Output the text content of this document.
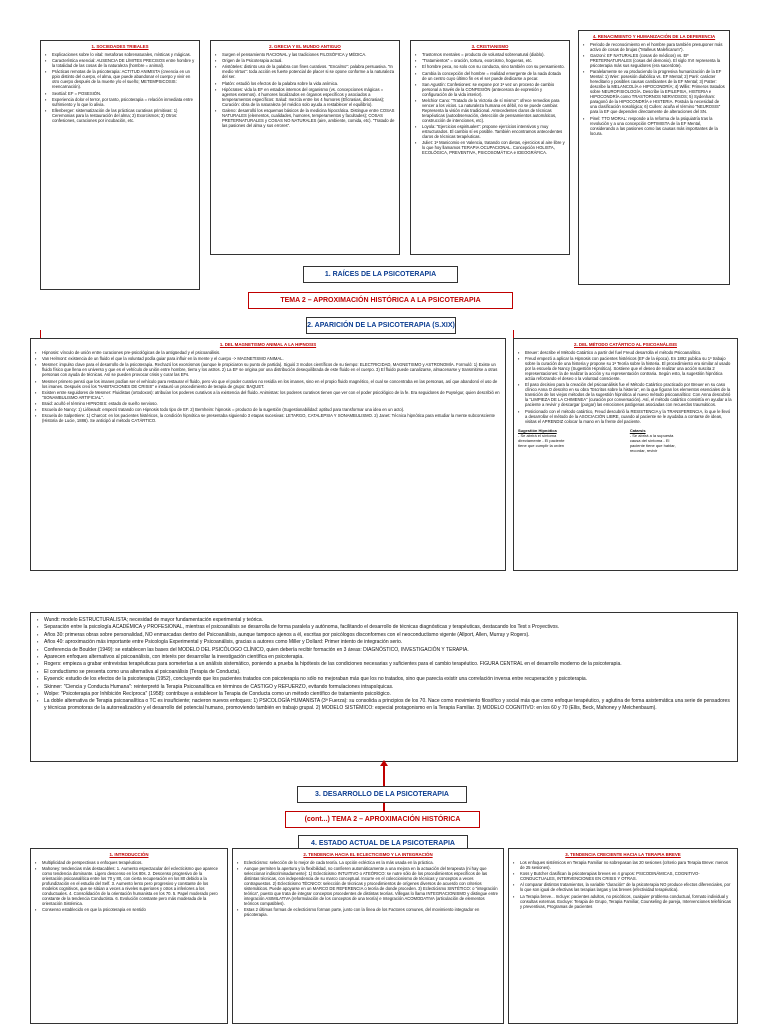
1. SOCIEDADES TRIBALES
▪ Explicaciones sobre lo vital: metaforas sobrenaturales, místicas y mágicas.
▪ Característica esencial: AUSENCIA DE LÍMITES PRECISOS entre hombre y la totalidad de las cosas de la naturaleza (hombre = animal).
▪ Prácticas remotas de la psicoterapia: ACTITUD ANIMISTA (creencia en un ppio distinto del cuerpo, el alma, que puede abandonar el cuerpo y vivir en otro cuerpo después de la muerte y/o el sueño; METEMPSICOSIS: reencarnación).
▪ Sexttial: EF = POSESIÓN.
▪ Experiencia dolor el terror, por tanto, psicoterapia = relación inmediata entre sufrimiento y lo que lo alivia.
▪ Ellenberger: sistematización de las prácticas curativas primitivas: 1) Ceremonias para la restauración del alma; 2) Exorcismos; 3) Otros: confesiones, curaciones por incubación, etc.
2. GRECIA Y EL MUNDO ANTIGUO
▪ Surgen el pensamiento RACIONAL y las tradiciones FILOSÓFICA y MÉDICA.
▪ Origen de la Psicoterapia actual.
▪ Aristóteles: distinto uso de la palabra con fines curativos. "Encalmo": palabra persuasiva. "In medio Virtus": toda acción es fuerte potencial de placer si se opone conforme a la naturaleza del ser.
▪ Platón: estudió los efectos de la palabra sobre la vida anímica.
▪ Hipócrates: vida la EF en estados internos del organismo (vs. concepciones mágicas = agentes externos). 4 humores localizados en órganos específicos y asociados a temperamentos específicos: Salud: mezcla entre los 4 humores (Eficrasias, discrasias); Curación: obra de la naturaleza (el médico solo ayuda a restablecer el equilibrio).
▪ Galeno: desarrolló los esquemas básicos de la medicina hipocrática. Distingue entre COSAS NATURALES (elementos, cualidades, humores, temperamentos y facultades); COSAS PRETERNATURALES y COSAS NO NATURALES (aire, ambiente, comida, etc). "Tratado de las pasiones del alma y sus errores".
3. CRISTIANISMO
▪ Trastornos mentales = producto de voluntad sobrenatural (diablo).
▪ "Tratamientos" = oración, tortura, exorcismo, hogueras, etc.
▪ El hombre peca, no solo con su conducta, sino también con su pensamiento.
▪ Cambia la concepción del hombre = realidad emergente de la nada dotada de un centro cuyo último fin es el ser puede dedicarse a pecar.
▪ San Agustín: Confesiones: se expone por 1ª vez un proceso de cambio personal a través de la CONFESIÓN (antecesora de expresión y configuración de la vida interior).
▪ Melchior Cano: "Tratado de la Victoria de sí mismo": ofrece remedios para vencer a los vicios. La naturaleza humana es débil, no se puede cambiar. Representa la visión más tradicional. Antecedentes claros de técnicas terapéuticas (autoobservación, detección de pensamientos automáticos, construcción de intenciones, etc).
▪ Loyola: "Ejercicios espirituales": propone ejercicios intensivos y muy estructurados. El cambio sí es posible. También encontramos antecedentes claros de técnicas terapéuticas.
▪ Juliet: 1ª Manicomio en Valencia, tratando con dietas, ejercicios al aire libre y lo que hoy llamamos TERAPIA OCUPACIONAL. Concepción HOLISTA, ECOLÓGICA, PREVENTIVA, PSICOSOMÁTICA e IDEOGRÁFICA.
4. RENACIMIENTO Y HUMANIZACIÓN DE LA DEFERENCIA
▪ Periodo de reconocimiento en el hombre para también presuponer más activo de cosas de brujas ("Malleus Maleficarum").
▪ Garzoni: EF NATURALES (cosas de médicos) vs. EF PRETERNATURALES (cosas del demonio). El siglo XVI representa la psicoterapia más sus seguidores (era sacerdote).
▪ Paralelamente se va produciendo la progresiva humanización de la EF Mental: 1) Wier: posesión diabólica vs. EF Mental; 2) Paré: carácter hereditario y posibles causas cambiantes de la EF Mental; 3) Patter: describe la MELANCOLÍA e HIPOCONDRÍA; 4) Willis: Primeros tratados sobre NEUROFISIOLOGÍA. Describe la EPILEPSIA, HISTERIA e HIPOCONDRÍA como TRASTORNOS NERVIOSOS; 5) Sydenham: paragonó de la HIPOCONDRÍA e HISTERIA. Postula la necesidad de una clasificación nosológica; 6) Cullen: acuña el término "NEUROSIS" para la EF que dependen directamente de alteraciones del SN.
▪ Pinel: TTO MORAL: responde a la reforma de la psiquiatría tras la revolución y a una concepción OPTIMISTA de la EF Mental, considerando a las pasiones como las causas más importantes de la locura.
1. RAÍCES DE LA PSICOTERAPIA
TEMA 2 – APROXIMACIÓN HISTÓRICA A LA PSICOTERAPIA
2. APARICIÓN DE LA PSICOTERAPIA (S.XIX)
1. DEL MAGNETISMO ANIMAL A LA HIPNOSIS
▪ Hipnosis: vínculo de unión entre curaciones pre-psicológicas de la antigüedad y el psicoanálisis.
▪ Van Helmont: existencia de un fluido el que la voluntad podía guiar para influir en la mente y el cuerpo -> MAGNETISMO ANIMAL.
▪ Mesmer: impulso clave para el desarrollo de la psicoterapia. Rechazó los exorcismos (aunque le propiciaron su punto de partida). Siguió 3 modos científicos de su tiempo: ELECTRICIDAD, MAGNETISMO y ASTRONOMÍA. Formuló: 1) Existe un fluido físico que llena en universo y que es el vehículo de unión entre hombre, tierra y los astros. 2) La EF se origina por una distribución desequilibrada de este fluido en el cuerpo. 3) El fluido puede canalizarse, almacenarse y transmitirse a otras personas con ayuda de técnicas. Así se pueden provocar crisis y curar las EFs.
▪ Mesmer primero pensó que los imanes podían ser el vehículo para restaurar el fluido, pero vio que el poder curativo no residía en los imanes, sino en el propio fluido magnético, el cual se concentraba en las personas, así que abandonó el uso de los imanes. Después creó los "HABITACIONES DE CRISIS" e instauró un procedimiento de terapia de grupo: BAQUET.
▪ Existen entre seguidores de Mesmer: Fluidistas (ortodoxos): atribuían los poderes curativos a la existencia del fluido. Animistas: los poderes curativos tienen que ver con el poder psicológico de la fe. Era seguidores de Puységur, quien describió en "SONAMBULISMO ARTIFICIAL".
▪ Braid: acuñó el término HIPNOSIS: estado de sueño nervioso.
▪ Escuela de Nancy: 1) Liébeault: empezó tratando con Hipnosis todo tipo de EF. 2) Bernheim: hipnosis = producto de la sugestión (Sugestionabilidad: aptitud para transformar una idea en un acto).
▪ Escuela de Salpetriere: 1) Charcot: en los pacientes histéricos, la condición hipnótica se presentaba siguiendo 3 etapas sucesivas: LETARGO, CATALEPSIA Y SONAMBULISMO. 2) Janet: Técnica hipnótica para estudiar la mente subconsciente (Historia de Lucie, 1886). Se anticipó al método CATÁRTICO.
2. DEL MÉTODO CATÁRTICO AL PSICOANÁLISIS
▪ Breuer: describe el Método Catártico a partir del fuel Freud desarrolla el método Psicoanalítico.
▪ Freud empezó a aplicar la Hipnosis con pacientes histéricos (EF de la época). En 1892 publica su 1º trabajo sobre la curación de una histeria y propone su 1ª Teoría sobre la histeria. El procedimiento era similar al usado por la escuela de Nancy (Sugestión Hipnótica). Sostiene que el deseo de realizar una acción suscita 2 representaciones: la de realizar la acción y su representación contraria. Según esto, la sugestión hipnótica actúa reforzando el deseo o la voluntad consciente.
▪ El paso decisivo para la creación del psicoanálisis fue el Método Catártico practicado por Breuer en su caso clínico Anna O descrito en su obra "Escritos sobre la histeria", en la que figuran los elementos esenciales de la transición de los viejos métodos de la sugestión hipnótica al nuevo método psicoanalítico: Con Anna descubrió la "LIMPIEZA DE LA CHIMENEA" (curación por conversación). Así, el método catártico consistía en ayudar a la paciente a revivir y descargar (purgar) las emociones patógenas asociadas con recuerdos traumáticos.
▪ Posicionado con el método catártico, Freud descubrió la RESISTENCIA y la TRANSFERENCIA, lo que le llevó a desarrollar el método de la ASOCIACIÓN LIBRE, cuando al paciente se le ayudaba a contarse de ideas, visitas el APRENDIZ colocar la mano en la frente del paciente.
Sugestión Hipnótica
- Se abrirá el síntoma directamente - El paciente tiene que cumplir la orden
Catarsis
- Se abrirá a la supuesta causa del síntoma - El paciente tiene que hablar, recordar, revivir
▪ Wundt: modelo ESTRUCTURALISTA; necesidad de mayor fundamentación experimental y teórica.
▪ Separación entre la psicología ACADÉMICA y PROFESIONAL, mientras el psicoanálisis se desarrolla de forma paralela y autónoma, facilitando el desarrollo de técnicas diagnósticas y terapéuticas, destacando los Test s Proyectivos.
▪ Años 30: primeras obras sobre personalidad, NO enmarcadas dentro del Psicoanálisis, aunque tampoco ajenos a él, escritas por psicólogos disconformes con el neoconductismo vigente (Allport, Allen, Murray y Rogers).
▪ Años 40: aproximación más importante entre Psicología Experimental y Psicoanálisis, gracias a autores como Miller y Dollard: Primer intento de integración serio.
▪ Conferencia de Boulder (1949): se establecen las bases del MODELO DEL PSICÓLOGO CLÍNICO, quien debería recibir formación en 3 áreas: DIAGNÓSTICO, INVESTIGACIÓN Y TERAPIA.
▪ Aparecen enfoques alternativos al psicoanálisis, con interés por desarrollar la investigación científica en psicoterapia.
▪ Rogers: empieza a grabar entrevistas terapéuticas para someterlas a un análisis sistemático, poniendo a prueba la hipótesis de las condiciones necesarias y suficientes para el cambio terapéutico. FIGURA CENTRAL en el desarrollo moderno de la psicoterapia.
▪ El conductismo se presenta como una alternativa al psicoanálisis (Terapia de Conducta).
▪ Eysenck: estudio de los efectos de la psicoterapia (1952), concluyendo que los pacientes tratados con psicoterapia no sólo no mejoraban más que los no tratados, sino que parecía existir una correlación inversa entre recuperación y psicoterapia.
▪ Skinner: "Ciencia y Conducta Humana": reinterpretó la Terapia Psicoanalítica en términos de CASTIGO y REFUERZO, evitando formulaciones intrapsíquicas.
▪ Wolpe: "Psicoterapia por Inhibición Recíproca" (1958): contribuye a establecer la Terapia de Conducta como un método científico de tratamiento psicológico.
▪ La doble alternativa de Terapia psicoanalítica o TC es insuficiente; nacieron nuevos enfoques: 1) PSICOLOGÍA HUMANISTA (3ª Fuerza): su consolida a principios de los 70. Nace como movimiento filosófico y social más que como enfoque terapéutico, y aglutina de forma asistemática una serie de pensadores y técnicas promotoras de la autorrealización y el desarrollo del potencial humano, promoviendo también en trabajo grupal. 2) MODELO SISTÉMICO: especial protagonismo en la Terapia Familiar. 3) MODELO COGNITIVO: en los 60 y 70 (Ellis, Beck, Mahoney y Meichenbaum).
3. DESARROLLO DE LA PSICOTERAPIA
(cont...) TEMA 2 – APROXIMACIÓN HISTÓRICA
4. ESTADO ACTUAL DE LA PSICOTERAPIA
1. INTRODUCCIÓN
▪ Multiplicidad de perspectivas o enfoques terapéuticos.
▪ Mahoney: tendencias más destacables: 1. Aumento espectacular del eclecticismo que aparece como tendencia dominante. Ligero descenso en los 80s. 2. Descenso progresivo de la orientación psicoanalítica entre los 70 y 80, con cierta recuperación en los 80 debido a la profundización en el estudio del Self. 3. Aumento lento pero progresivo y constante de los modelos cognitivos, que se sitúan a veces a niveles superiores y otros a inferiores a los conductuales. 4. Consolidación de la orientación humanista en los 70. 5. Papel moderado pero constante de la tendencia Conductista. 6. Evolución constante pero más moderada de la orientación Sistémica.
▪ Consenso establecido en que la psicoterapia en sentido
2. TENDENCIA HACIA EL ECLECTICISMO Y LA INTEGRACIÓN
▪ Eclecticismo: selección de lo mejor de cada teoría. La opción ecléctica es la más usada en la práctica.
▪ Aunque permiten la apertura y la flexibilidad, no confieren automáticamente a una mejora en la actuación del terapeuta (ni hay que seleccionar indiscriminadamente): 1) Eclecticismo INTUITIVO o ATEÓRICO: se nutre sólo de los procedimientos específicos de las distintas técnicas, con independencia de su marco conceptual. Incurre en el coleccionismo de técnicas y conceptos a veces contrapuestos. 2) Eclecticismo TÉCNICO: selección de técnicas y procedimientos de orígenes diversos de acuerdo con criterios sistemáticos. Puede apoyarse en un MARCO DE REFERENCIA o teoría de donde proceden. 3) Eclecticismo SINTÉTICO: o "integración teórica", puesto que trata de integrar conceptos procedentes de distintas teorías. Villegas lo llama INTEGRACIONISMO y distingue entre integración ASIMILATIVA (reformulación de los conceptos de una teoría) e Integración ACOMODATIVA (articulación de elementos teóricos compatibles).
▪ Estas 2 últimas formas de eclecticismo forman parte, junto con la línea de los Factores comunes, del movimiento integrador en psicoterapia.
3. TENDENCIA CRECIENTE HACIA LA TERAPIA BREVE
▪ Los enfoques sistémicos en Terapia Familiar no sobrepasan las 20 sesiones (criterio para Terapia Breve: menos de 25 sesiones).
▪ Koss y Butcher clasifican la psicoterapias breves en 4 grupos: PSICODINÁMICAS, COGNITIVO-CONDUCTUALES, INTERVENCIONES EN CRISIS Y OTRAS.
▪ Al comparar distintos tratamientos, la variable "duración" de la psicoterapia NO produce efectos diferenciales, por lo que son igual de efectivas las terapias largas y las breves (efectividad terapéutica).
▪ La Terapia breve... Incluye: pacientes adultos, no psicóticos, cualquier problema conductual, formato individual y consultas externas. Excluye: Terapia de Grupo, Terapia Familiar, Counseling de pareja, Intervenciones telefónicas y preventivas, Programas de pacientes
